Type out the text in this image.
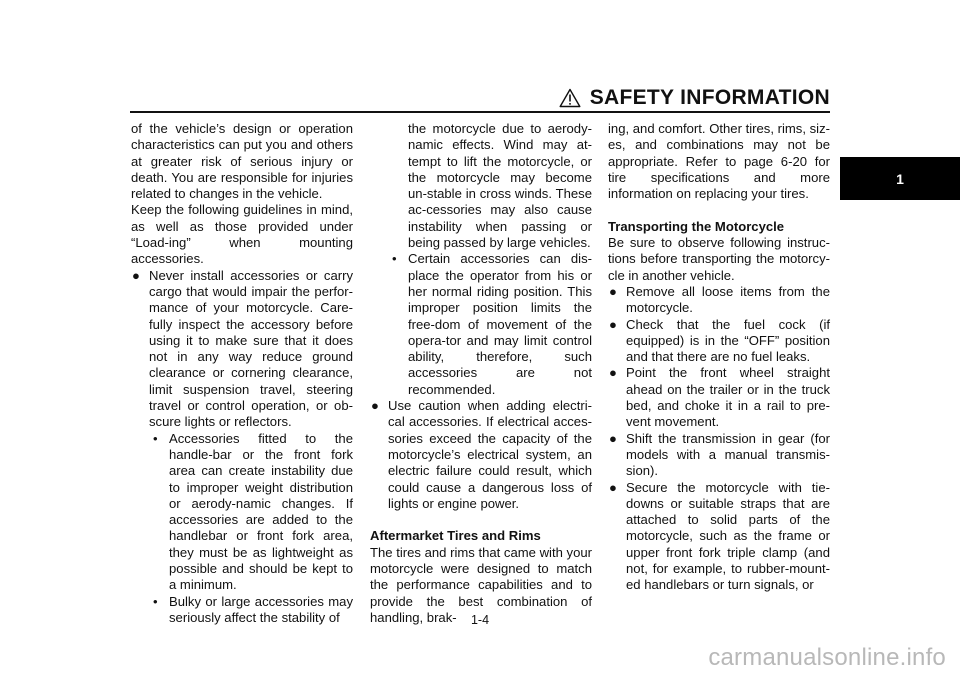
SAFETY INFORMATION
1

of the vehicle’s design or operation characteristics can put you and others at greater risk of serious injury or death. You are responsible for injuries related to changes in the vehicle.

Keep the following guidelines in mind, as well as those provided under “Load-ing” when mounting accessories.

● Never install accessories or carry cargo that would impair the perfor-mance of your motorcycle. Care-fully inspect the accessory before using it to make sure that it does not in any way reduce ground clearance or cornering clearance, limit suspension travel, steering travel or control operation, or ob-scure lights or reflectors.
• Accessories fitted to the handle-bar or the front fork area can create instability due to improper weight distribution or aerody-namic changes. If accessories are added to the handlebar or front fork area, they must be as lightweight as possible and should be kept to a minimum.
• Bulky or large accessories may seriously affect the stability of
the motorcycle due to aerody-namic effects. Wind may at-tempt to lift the motorcycle, or the motorcycle may become un-stable in cross winds. These ac-cessories may also cause instability when passing or being passed by large vehicles.
• Certain accessories can dis-place the operator from his or her normal riding position. This improper position limits the free-dom of movement of the opera-tor and may limit control ability, therefore, such accessories are not recommended.
● Use caution when adding electri-cal accessories. If electrical acces-sories exceed the capacity of the motorcycle’s electrical system, an electric failure could result, which could cause a dangerous loss of lights or engine power.

Aftermarket Tires and Rims

The tires and rims that came with your motorcycle were designed to match the performance capabilities and to provide the best combination of handling, brak-

ing, and comfort. Other tires, rims, siz-es, and combinations may not be appropriate. Refer to page 6-20 for tire specifications and more information on replacing your tires.

Transporting the Motorcycle

Be sure to observe following instruc-tions before transporting the motorcy-cle in another vehicle.

● Remove all loose items from the motorcycle.
● Check that the fuel cock (if equipped) is in the “OFF” position and that there are no fuel leaks.
● Point the front wheel straight ahead on the trailer or in the truck bed, and choke it in a rail to pre-vent movement.
● Shift the transmission in gear (for models with a manual transmis-sion).
● Secure the motorcycle with tie-downs or suitable straps that are attached to solid parts of the motorcycle, such as the frame or upper front fork triple clamp (and not, for example, to rubber-mount-ed handlebars or turn signals, or
1-4
carmanualsonline.info
